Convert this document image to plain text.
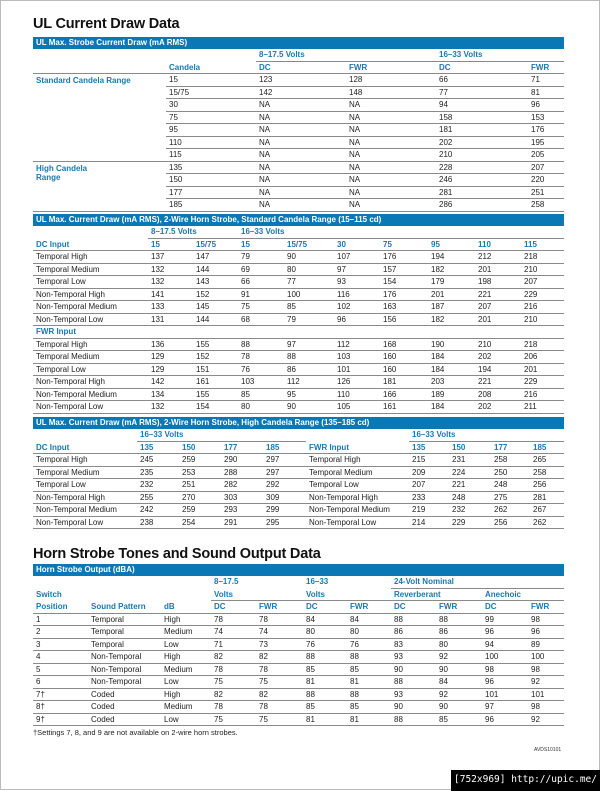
UL Current Draw Data
UL Max. Strobe Current Draw (mA RMS)					
		8–17.5 Volts		16–33 Volts	
	Candela	DC	FWR	DC	FWR
Standard Candela Range	15	123	128	66	71
	15/75	142	148	77	81
	30	NA	NA	94	96
	75	NA	NA	158	153
	95	NA	NA	181	176
	110	NA	NA	202	195
	115	NA	NA	210	205
High Candela Range	135	NA	NA	228	207
	150	NA	NA	246	220
	177	NA	NA	281	251
	185	NA	NA	286	258
UL Max. Current Draw (mA RMS), 2-Wire Horn Strobe, Standard Candela Range (15–115 cd)									
	8–17.5 Volts		16–33 Volts						
DC Input	15	15/75	15	15/75	30	75	95	110	115
Temporal High	137	147	79	90	107	176	194	212	218
Temporal Medium	132	144	69	80	97	157	182	201	210
Temporal Low	132	143	66	77	93	154	179	198	207
Non-Temporal High	141	152	91	100	116	176	201	221	229
Non-Temporal Medium	133	145	75	85	102	163	187	207	216
Non-Temporal Low	131	144	68	79	96	156	182	201	210
FWR Input									
Temporal High	136	155	88	97	112	168	190	210	218
Temporal Medium	129	152	78	88	103	160	184	202	206
Temporal Low	129	151	76	86	101	160	184	194	201
Non-Temporal High	142	161	103	112	126	181	203	221	229
Non-Temporal Medium	134	155	85	95	110	166	189	208	216
Non-Temporal Low	132	154	80	90	105	161	184	202	211
UL Max. Current Draw (mA RMS), 2-Wire Horn Strobe, High Candela Range (135–185 cd)									
	16–33 Volts					16–33 Volts			
DC Input	135	150	177	185	FWR Input	135	150	177	185
Temporal High	245	259	290	297	Temporal High	215	231	258	265
Temporal Medium	235	253	288	297	Temporal Medium	209	224	250	258
Temporal Low	232	251	282	292	Temporal Low	207	221	248	256
Non-Temporal High	255	270	303	309	Non-Temporal High	233	248	275	281
Non-Temporal Medium	242	259	293	299	Non-Temporal Medium	219	232	262	267
Non-Temporal Low	238	254	291	295	Non-Temporal Low	214	229	256	262
Horn Strobe Tones and Sound Output Data
Horn Strobe Output (dBA)										
			8–17.5		16–33		24-Volt Nominal			
Switch			Volts		Volts		Reverberant		Anechoic	
Position	Sound Pattern	dB	DC	FWR	DC	FWR	DC	FWR	DC	FWR
1	Temporal	High	78	78	84	84	88	88	99	98
2	Temporal	Medium	74	74	80	80	86	86	96	96
3	Temporal	Low	71	73	76	76	83	80	94	89
4	Non-Temporal	High	82	82	88	88	93	92	100	100
5	Non-Temporal	Medium	78	78	85	85	90	90	98	98
6	Non-Temporal	Low	75	75	81	81	88	84	96	92
7†	Coded	High	82	82	88	88	93	92	101	101
8†	Coded	Medium	78	78	85	85	90	90	97	98
9†	Coded	Low	75	75	81	81	88	85	96	92
†Settings 7, 8, and 9 are not available on 2-wire horn strobes.
AVDS10101
[752x969] http://upic.me/
